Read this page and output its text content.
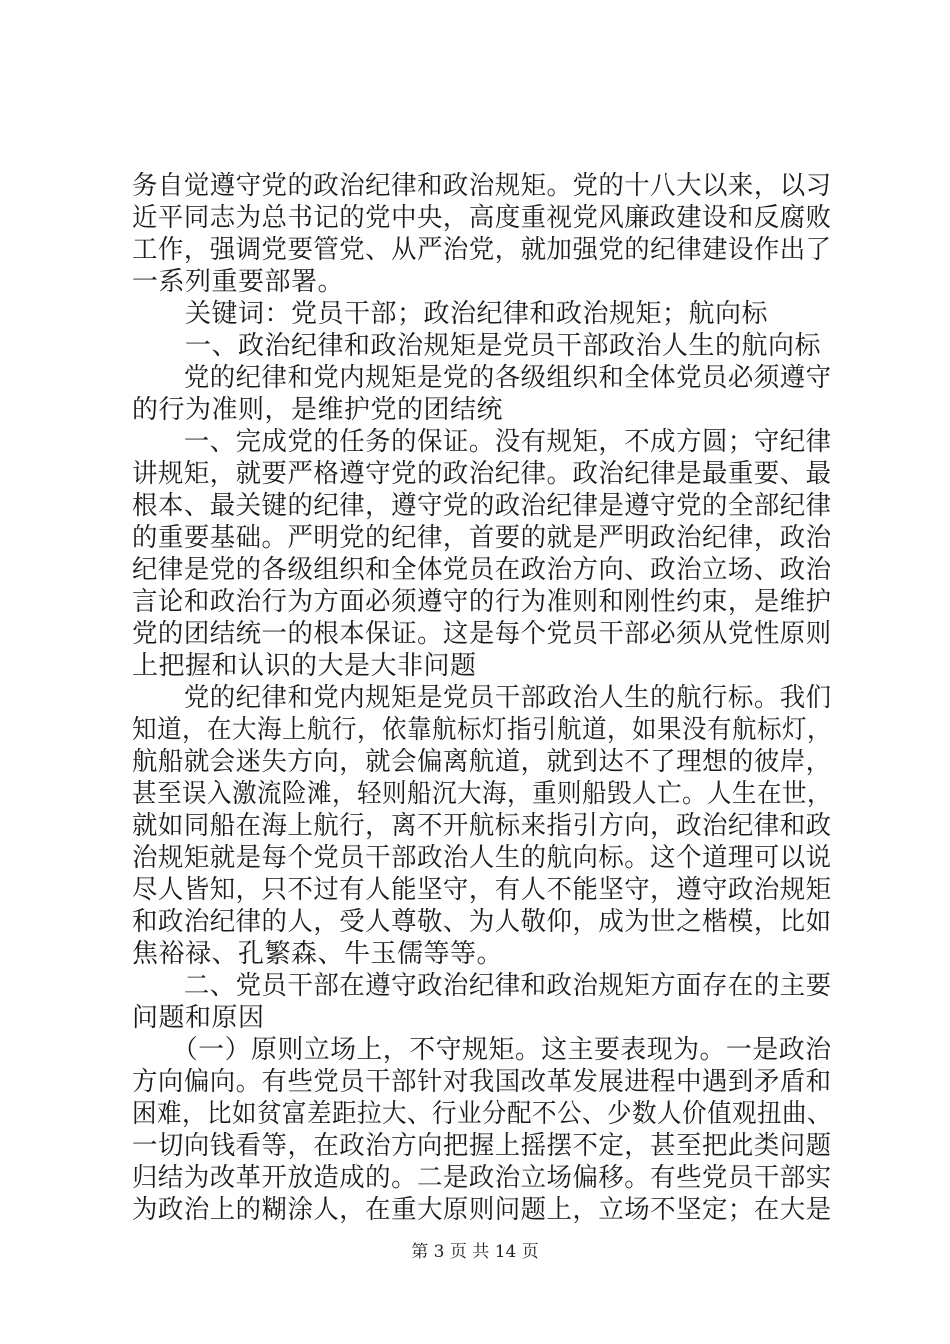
务自觉遵守党的政治纪律和政治规矩。党的十八大以来，以习
近平同志为总书记的党中央，高度重视党风廉政建设和反腐败
工作，强调党要管党、从严治党，就加强党的纪律建设作出了
一系列重要部署。
　　关键词：党员干部；政治纪律和政治规矩；航向标
　　一、政治纪律和政治规矩是党员干部政治人生的航向标
　　党的纪律和党内规矩是党的各级组织和全体党员必须遵守
的行为准则，是维护党的团结统
　　一、完成党的任务的保证。没有规矩，不成方圆；守纪律
讲规矩，就要严格遵守党的政治纪律。政治纪律是最重要、最
根本、最关键的纪律，遵守党的政治纪律是遵守党的全部纪律
的重要基础。严明党的纪律，首要的就是严明政治纪律，政治
纪律是党的各级组织和全体党员在政治方向、政治立场、政治
言论和政治行为方面必须遵守的行为准则和刚性约束，是维护
党的团结统一的根本保证。这是每个党员干部必须从党性原则
上把握和认识的大是大非问题
　　党的纪律和党内规矩是党员干部政治人生的航行标。我们
知道，在大海上航行，依靠航标灯指引航道，如果没有航标灯，
航船就会迷失方向，就会偏离航道，就到达不了理想的彼岸，
甚至误入激流险滩，轻则船沉大海，重则船毁人亡。人生在世，
就如同船在海上航行，离不开航标来指引方向，政治纪律和政
治规矩就是每个党员干部政治人生的航向标。这个道理可以说
尽人皆知，只不过有人能坚守，有人不能坚守，遵守政治规矩
和政治纪律的人，受人尊敬、为人敬仰，成为世之楷模，比如
焦裕禄、孔繁森、牛玉儒等等。
　　二、党员干部在遵守政治纪律和政治规矩方面存在的主要
问题和原因
　　（一）原则立场上，不守规矩。这主要表现为。一是政治
方向偏向。有些党员干部针对我国改革发展进程中遇到矛盾和
困难，比如贫富差距拉大、行业分配不公、少数人价值观扭曲、
一切向钱看等，在政治方向把握上摇摆不定，甚至把此类问题
归结为改革开放造成的。二是政治立场偏移。有些党员干部实
为政治上的糊涂人，在重大原则问题上，立场不坚定；在大是
第 3 页 共 14 页
